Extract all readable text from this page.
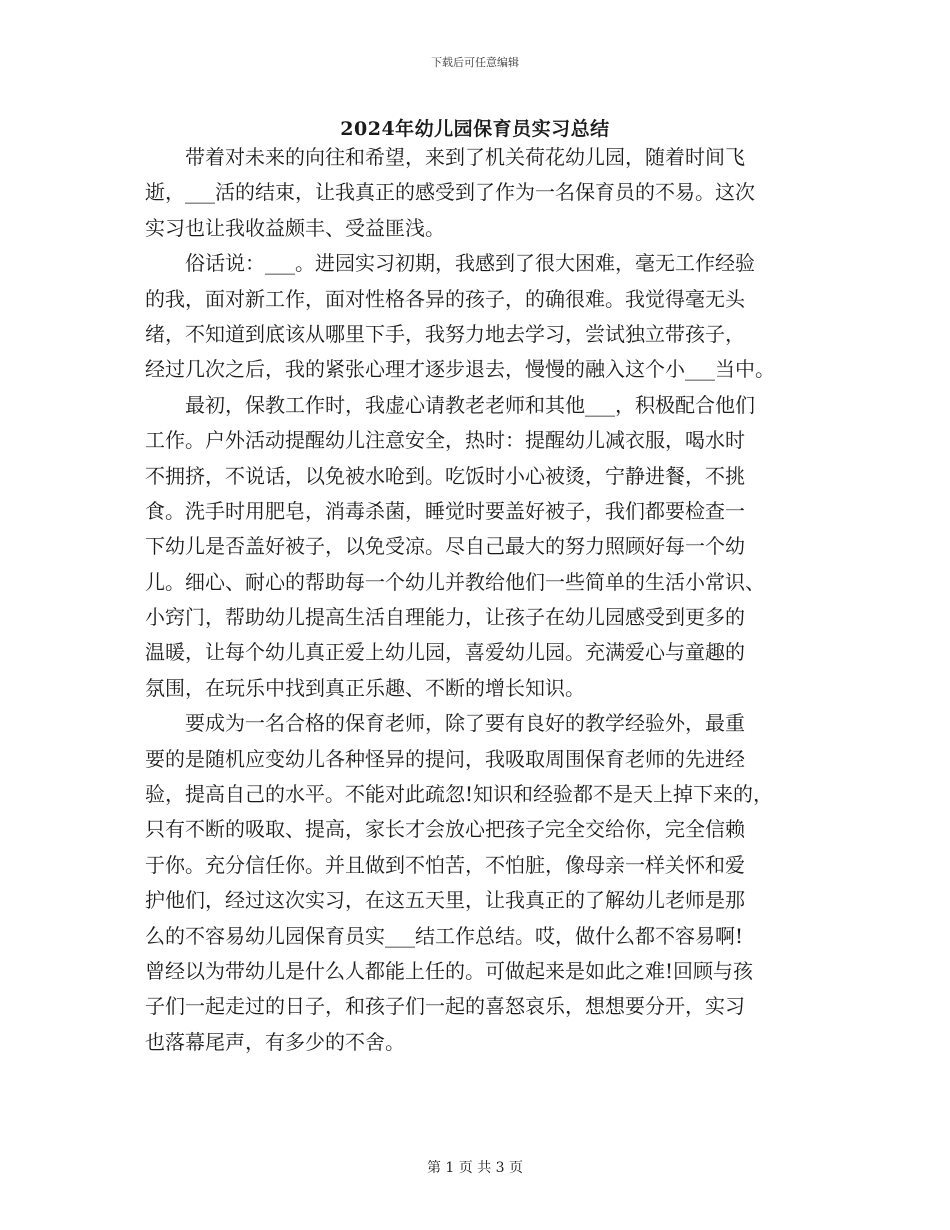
下载后可任意编辑
2024年幼儿园保育员实习总结
　　带着对未来的向往和希望，来到了机关荷花幼儿园，随着时间飞
逝，___活的结束，让我真正的感受到了作为一名保育员的不易。这次
实习也让我收益颇丰、受益匪浅。
　　俗话说：___。进园实习初期，我感到了很大困难，毫无工作经验
的我，面对新工作，面对性格各异的孩子，的确很难。我觉得毫无头
绪，不知道到底该从哪里下手，我努力地去学习，尝试独立带孩子，
经过几次之后，我的紧张心理才逐步退去，慢慢的融入这个小___当中。
　　最初，保教工作时，我虚心请教老老师和其他___，积极配合他们
工作。户外活动提醒幼儿注意安全，热时：提醒幼儿减衣服，喝水时
不拥挤，不说话，以免被水呛到。吃饭时小心被烫，宁静进餐，不挑
食。洗手时用肥皂，消毒杀菌，睡觉时要盖好被子，我们都要检查一
下幼儿是否盖好被子，以免受凉。尽自己最大的努力照顾好每一个幼
儿。细心、耐心的帮助每一个幼儿并教给他们一些简单的生活小常识、
小窍门，帮助幼儿提高生活自理能力，让孩子在幼儿园感受到更多的
温暖，让每个幼儿真正爱上幼儿园，喜爱幼儿园。充满爱心与童趣的
氛围，在玩乐中找到真正乐趣、不断的增长知识。
　　要成为一名合格的保育老师，除了要有良好的教学经验外，最重
要的是随机应变幼儿各种怪异的提问，我吸取周围保育老师的先进经
验，提高自己的水平。不能对此疏忽!知识和经验都不是天上掉下来的，
只有不断的吸取、提高，家长才会放心把孩子完全交给你，完全信赖
于你。充分信任你。并且做到不怕苦，不怕脏，像母亲一样关怀和爱
护他们，经过这次实习，在这五天里，让我真正的了解幼儿老师是那
么的不容易幼儿园保育员实___结工作总结。哎，做什么都不容易啊!
曾经以为带幼儿是什么人都能上任的。可做起来是如此之难!回顾与孩
子们一起走过的日子，和孩子们一起的喜怒哀乐，想想要分开，实习
也落幕尾声，有多少的不舍。
第 1 页 共 3 页
